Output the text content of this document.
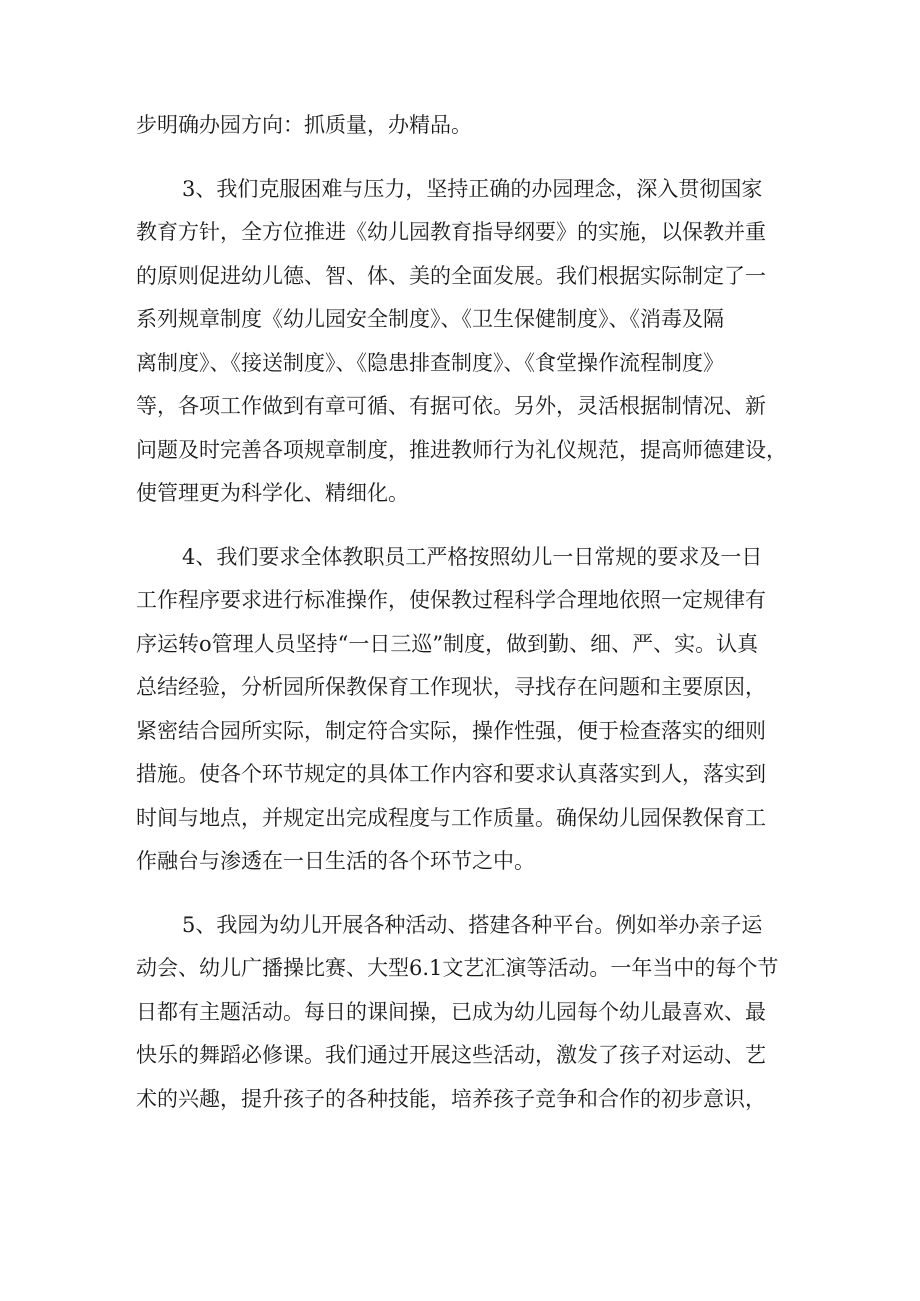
步明确办园方向：抓质量，办精品。
3、我们克服困难与压力，坚持正确的办园理念，深入贯彻国家
教育方针，全方位推进《幼儿园教育指导纲要》的实施，以保教并重
的原则促进幼儿德、智、体、美的全面发展。我们根据实际制定了一
系列规章制度《幼儿园安全制度》、《卫生保健制度》、《消毒及隔
离制度》、《接送制度》、《隐患排查制度》、《食堂操作流程制度》
等，各项工作做到有章可循、有据可依。另外，灵活根据制情况、新
问题及时完善各项规章制度，推进教师行为礼仪规范，提高师德建设，
使管理更为科学化、精细化。
4、我们要求全体教职员工严格按照幼儿一日常规的要求及一日
工作程序要求进行标准操作，使保教过程科学合理地依照一定规律有
序运转o管理人员坚持“一日三巡”制度，做到勤、细、严、实。认真
总结经验，分析园所保教保育工作现状，寻找存在问题和主要原因，
紧密结合园所实际，制定符合实际，操作性强，便于检查落实的细则
措施。使各个环节规定的具体工作内容和要求认真落实到人，落实到
时间与地点，并规定出完成程度与工作质量。确保幼儿园保教保育工
作融台与渗透在一日生活的各个环节之中。
5、我园为幼儿开展各种活动、搭建各种平台。例如举办亲子运
动会、幼儿广播操比赛、大型6.1文艺汇演等活动。一年当中的每个节
日都有主题活动。每日的课间操，已成为幼儿园每个幼儿最喜欢、最
快乐的舞蹈必修课。我们通过开展这些活动，激发了孩子对运动、艺
术的兴趣，提升孩子的各种技能，培养孩子竞争和合作的初步意识，
